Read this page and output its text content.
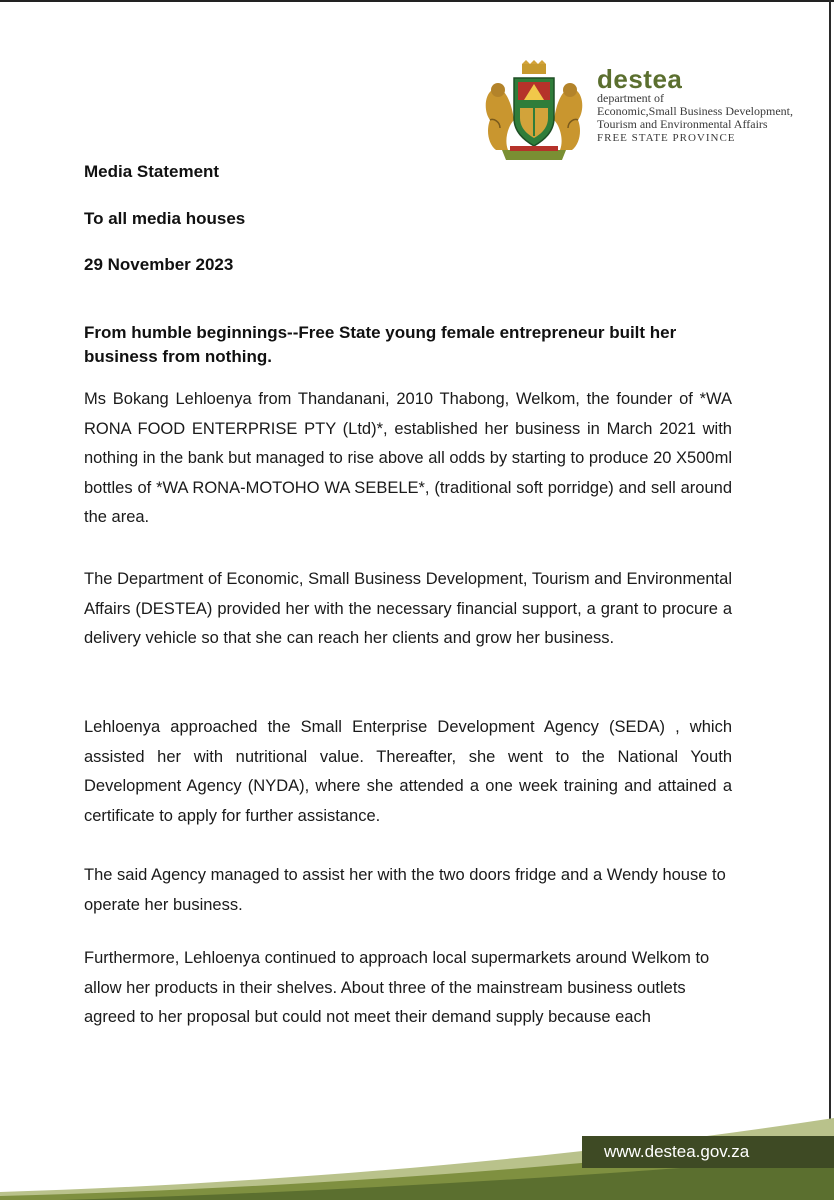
destea
department of
Economic,Small Business Development,
Tourism and Environmental Affairs
FREE STATE PROVINCE
Media Statement
To all media houses
29 November 2023
From humble beginnings--Free State young female entrepreneur built her business from nothing.
Ms Bokang Lehloenya from Thandanani, 2010 Thabong, Welkom, the founder of *WA RONA FOOD ENTERPRISE PTY (Ltd)*, established her business in March 2021 with nothing in the bank but managed to rise above all odds by starting to produce 20 X500ml bottles of *WA RONA-MOTOHO WA SEBELE*, (traditional soft porridge) and sell around the area.
The Department of Economic, Small Business Development, Tourism and Environmental Affairs (DESTEA) provided her with the necessary financial support, a grant to procure a delivery vehicle so that she can reach her clients and grow her business.
Lehloenya approached the Small Enterprise Development Agency (SEDA) , which assisted her with nutritional value. Thereafter, she went to the National Youth Development Agency (NYDA), where she attended a one week training and attained a certificate to apply for further assistance.
The said Agency managed to assist her with the two doors fridge and a Wendy house to operate her business.
Furthermore, Lehloenya continued to approach local supermarkets around Welkom to allow her products in their shelves. About three of the mainstream business outlets agreed to her proposal but could not meet their demand supply because each
www.destea.gov.za
